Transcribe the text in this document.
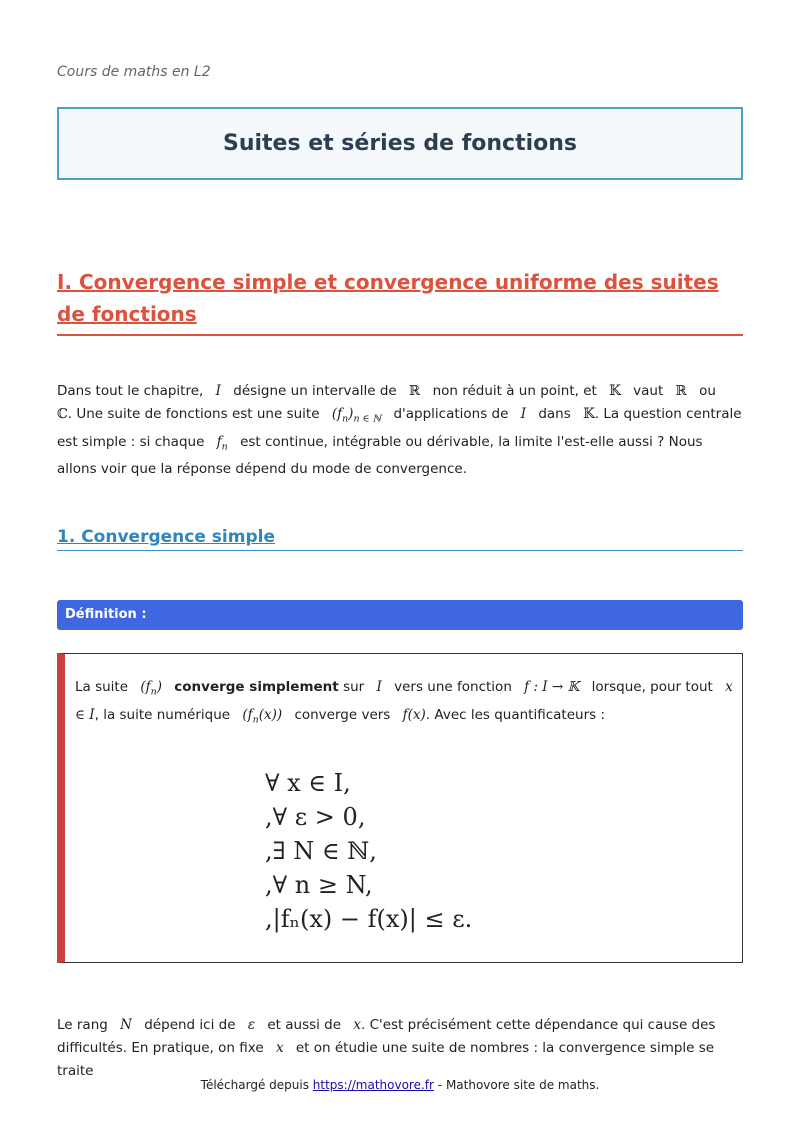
Cours de maths en L2
Suites et séries de fonctions
I. Convergence simple et convergence uniforme des suites de fonctions
Dans tout le chapitre, I désigne un intervalle de ℝ non réduit à un point, et 𝕂 vaut ℝ ou ℂ. Une suite de fonctions est une suite $(f_n)_{n \in ℕ}$ d'applications de I dans 𝕂. La question centrale est simple : si chaque $f_n$ est continue, intégrable ou dérivable, la limite l'est-elle aussi ? Nous allons voir que la réponse dépend du mode de convergence.
1. Convergence simple
Définition :
La suite $(f_n)$ converge simplement sur I vers une fonction f : I → 𝕂 lorsque, pour tout x ∈ I, la suite numérique $(f_n(x))$ converge vers f(x). Avec les quantificateurs :
∀ x ∈ I,
,∀ ε > 0,
,∃ N ∈ ℕ,
,∀ n ≥ N,
,|fₙ(x) − f(x)| ≤ ε.
Le rang N dépend ici de ε et aussi de x. C'est précisément cette dépendance qui cause des difficultés. En pratique, on fixe x et on étudie une suite de nombres : la convergence simple se traite
Téléchargé depuis https://mathovore.fr - Mathovore site de maths.
